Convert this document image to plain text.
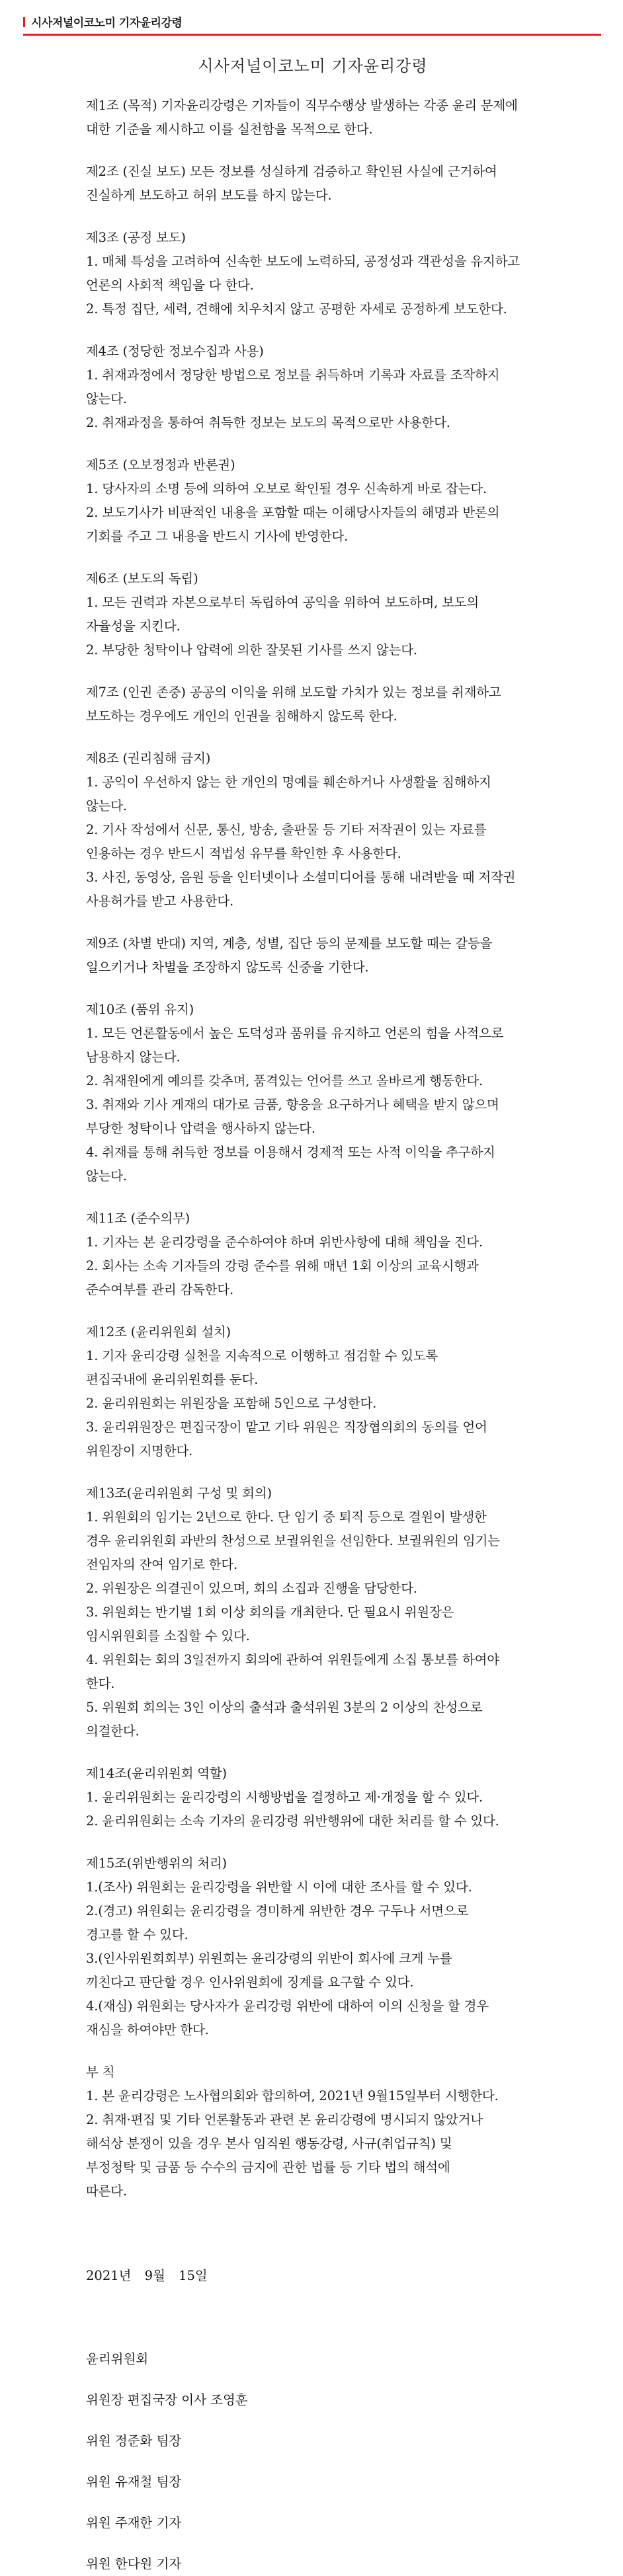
시사저널이코노미 기자윤리강령
시사저널이코노미 기자윤리강령
제1조 (목적) 기자윤리강령은 기자들이 직무수행상 발생하는 각종 윤리 문제에
대한 기준을 제시하고 이를 실천함을 목적으로 한다.
제2조 (진실 보도) 모든 정보를 성실하게 검증하고 확인된 사실에 근거하여
진실하게 보도하고 허위 보도를 하지 않는다.
제3조 (공정 보도)
1. 매체 특성을 고려하여 신속한 보도에 노력하되, 공정성과 객관성을 유지하고
언론의 사회적 책임을 다 한다.
2. 특정 집단, 세력, 견해에 치우치지 않고 공평한 자세로 공정하게 보도한다.
제4조 (정당한 정보수집과 사용)
1. 취재과정에서 정당한 방법으로 정보를 취득하며 기록과 자료를 조작하지
않는다.
2. 취재과정을 통하여 취득한 정보는 보도의 목적으로만 사용한다.
제5조 (오보정정과 반론권)
1. 당사자의 소명 등에 의하여 오보로 확인될 경우 신속하게 바로 잡는다.
2. 보도기사가 비판적인 내용을 포함할 때는 이해당사자들의 해명과 반론의
기회를 주고 그 내용을 반드시 기사에 반영한다.
제6조 (보도의 독립)
1. 모든 권력과 자본으로부터 독립하여 공익을 위하여 보도하며, 보도의
자율성을 지킨다.
2. 부당한 청탁이나 압력에 의한 잘못된 기사를 쓰지 않는다.
제7조 (인권 존중) 공공의 이익을 위해 보도할 가치가 있는 정보를 취재하고
보도하는 경우에도 개인의 인권을 침해하지 않도록 한다.
제8조 (권리침해 금지)
1. 공익이 우선하지 않는 한 개인의 명예를 훼손하거나 사생활을 침해하지
않는다.
2. 기사 작성에서 신문, 통신, 방송, 출판물 등 기타 저작권이 있는 자료를
인용하는 경우 반드시 적법성 유무를 확인한 후 사용한다.
3. 사진, 동영상, 음원 등을 인터넷이나 소셜미디어를 통해 내려받을 때 저작권
사용허가를 받고 사용한다.
제9조 (차별 반대) 지역, 계층, 성별, 집단 등의 문제를 보도할 때는 갈등을
일으키거나 차별을 조장하지 않도록 신중을 기한다.
제10조 (품위 유지)
1. 모든 언론활동에서 높은 도덕성과 품위를 유지하고 언론의 힘을 사적으로
남용하지 않는다.
2. 취재원에게 예의를 갖추며, 품격있는 언어를 쓰고 올바르게 행동한다.
3. 취재와 기사 게재의 대가로 금품, 향응을 요구하거나 혜택을 받지 않으며
부당한 청탁이나 압력을 행사하지 않는다.
4. 취재를 통해 취득한 정보를 이용해서 경제적 또는 사적 이익을 추구하지
않는다.
제11조 (준수의무)
1. 기자는 본 윤리강령을 준수하여야 하며 위반사항에 대해 책임을 진다.
2. 회사는 소속 기자들의 강령 준수를 위해 매년 1회 이상의 교육시행과
준수여부를 관리 감독한다.
제12조 (윤리위원회 설치)
1. 기자 윤리강령 실천을 지속적으로 이행하고 점검할 수 있도록
편집국내에 윤리위원회를 둔다.
2. 윤리위원회는 위원장을 포함해 5인으로 구성한다.
3. 윤리위원장은 편집국장이 맡고 기타 위원은 직장협의회의 동의를 얻어
위원장이 지명한다.
제13조(윤리위원회 구성 및 회의)
1. 위원회의 임기는 2년으로 한다. 단 임기 중 퇴직 등으로 결원이 발생한
경우 윤리위원회 과반의 찬성으로 보궐위원을 선임한다. 보궐위원의 임기는
전임자의 잔여 임기로 한다.
2. 위원장은 의결권이 있으며, 회의 소집과 진행을 담당한다.
3. 위원회는 반기별 1회 이상 회의를 개최한다. 단 필요시 위원장은
임시위원회를 소집할 수 있다.
4. 위원회는 회의 3일전까지 회의에 관하여 위원들에게 소집 통보를 하여야
한다.
5. 위원회 회의는 3인 이상의 출석과 출석위원 3분의 2 이상의 찬성으로
의결한다.
제14조(윤리위원회 역할)
1. 윤리위원회는 윤리강령의 시행방법을 결정하고 제·개정을 할 수 있다.
2. 윤리위원회는 소속 기자의 윤리강령 위반행위에 대한 처리를 할 수 있다.
제15조(위반행위의 처리)
1.(조사) 위원회는 윤리강령을 위반할 시 이에 대한 조사를 할 수 있다.
2.(경고) 위원회는 윤리강령을 경미하게 위반한 경우 구두나 서면으로
경고를 할 수 있다.
3.(인사위원회회부) 위원회는 윤리강령의 위반이 회사에 크게 누를
끼친다고 판단할 경우 인사위원회에 징계를 요구할 수 있다.
4.(재심) 위원회는 당사자가 윤리강령 위반에 대하여 이의 신청을 할 경우
재심을 하여야만 한다.
부 칙
1. 본 윤리강령은 노사협의회와 합의하여, 2021년 9월15일부터 시행한다.
2. 취재·편집 및 기타 언론활동과 관련 본 윤리강령에 명시되지 않았거나
해석상 분쟁이 있을 경우 본사 임직원 행동강령, 사규(취업규칙) 및
부정청탁 및 금품 등 수수의 금지에 관한 법률 등 기타 법의 해석에
따른다.
2021년 9월 15일
윤리위원회
위원장 편집국장 이사 조영훈
위원 정준화 팀장
위원 유재철 팀장
위원 주재한 기자
위원 한다원 기자
